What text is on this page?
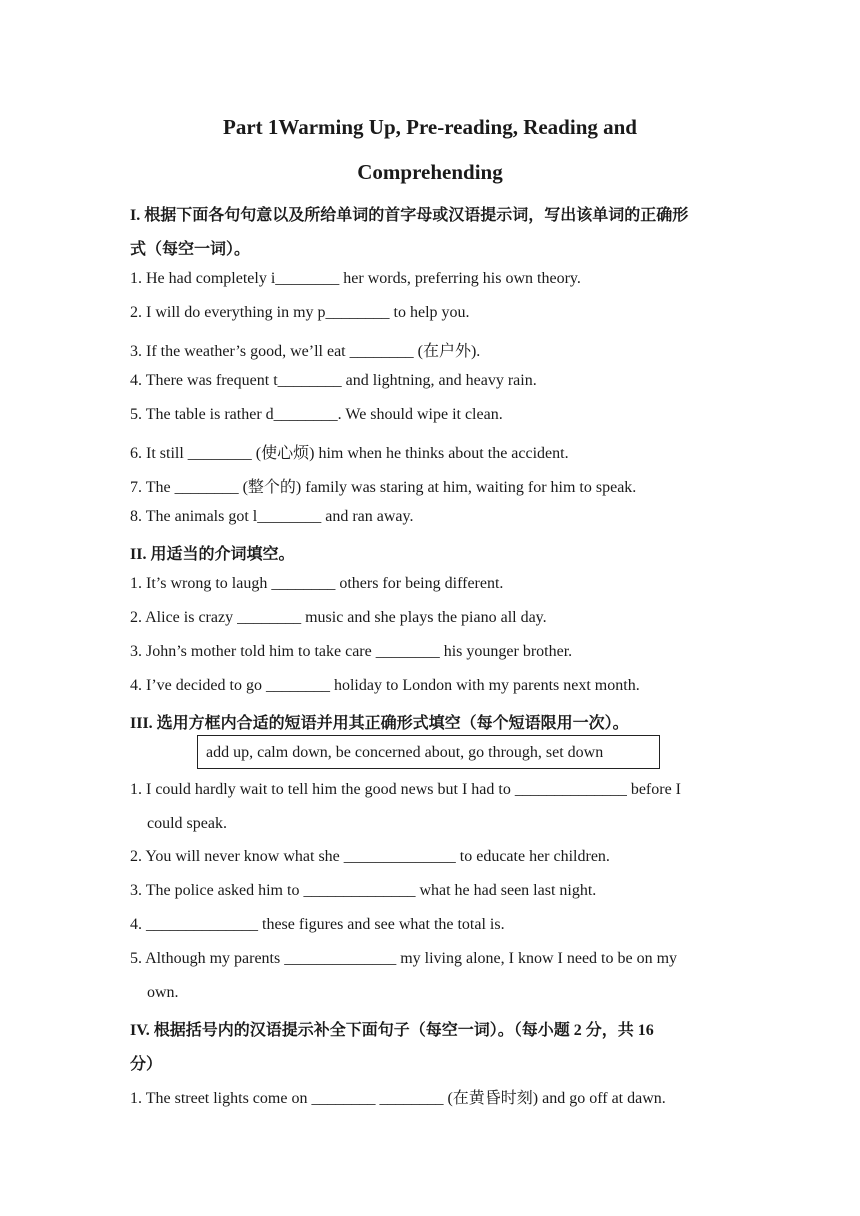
Part 1Warming Up, Pre-reading, Reading and
Comprehending
I. 根据下面各句句意以及所给单词的首字母或汉语提示词，写出该单词的正确形
式（每空一词）。
1. He had completely i________ her words, preferring his own theory.
2. I will do everything in my p________ to help you.
3. If the weather’s good, we’ll eat ________ (在户外).
4. There was frequent t________ and lightning, and heavy rain.
5. The table is rather d________. We should wipe it clean.
6. It still ________ (使心烦) him when he thinks about the accident.
7. The ________ (整个的) family was staring at him, waiting for him to speak.
8. The animals got l________ and ran away.
II. 用适当的介词填空。
1. It’s wrong to laugh ________ others for being different.
2. Alice is crazy ________ music and she plays the piano all day.
3. John’s mother told him to take care ________ his younger brother.
4. I’ve decided to go ________ holiday to London with my parents next month.
III. 选用方框内合适的短语并用其正确形式填空（每个短语限用一次）。
add up, calm down, be concerned about, go through, set down
1. I could hardly wait to tell him the good news but I had to ______________ before I
could speak.
2. You will never know what she ______________ to educate her children.
3. The police asked him to ______________ what he had seen last night.
4. ______________ these figures and see what the total is.
5. Although my parents ______________ my living alone, I know I need to be on my
own.
IV. 根据括号内的汉语提示补全下面句子（每空一词）。（每小题 2 分，共 16
分）
1. The street lights come on ________ ________ (在黄昏时刻) and go off at dawn.
